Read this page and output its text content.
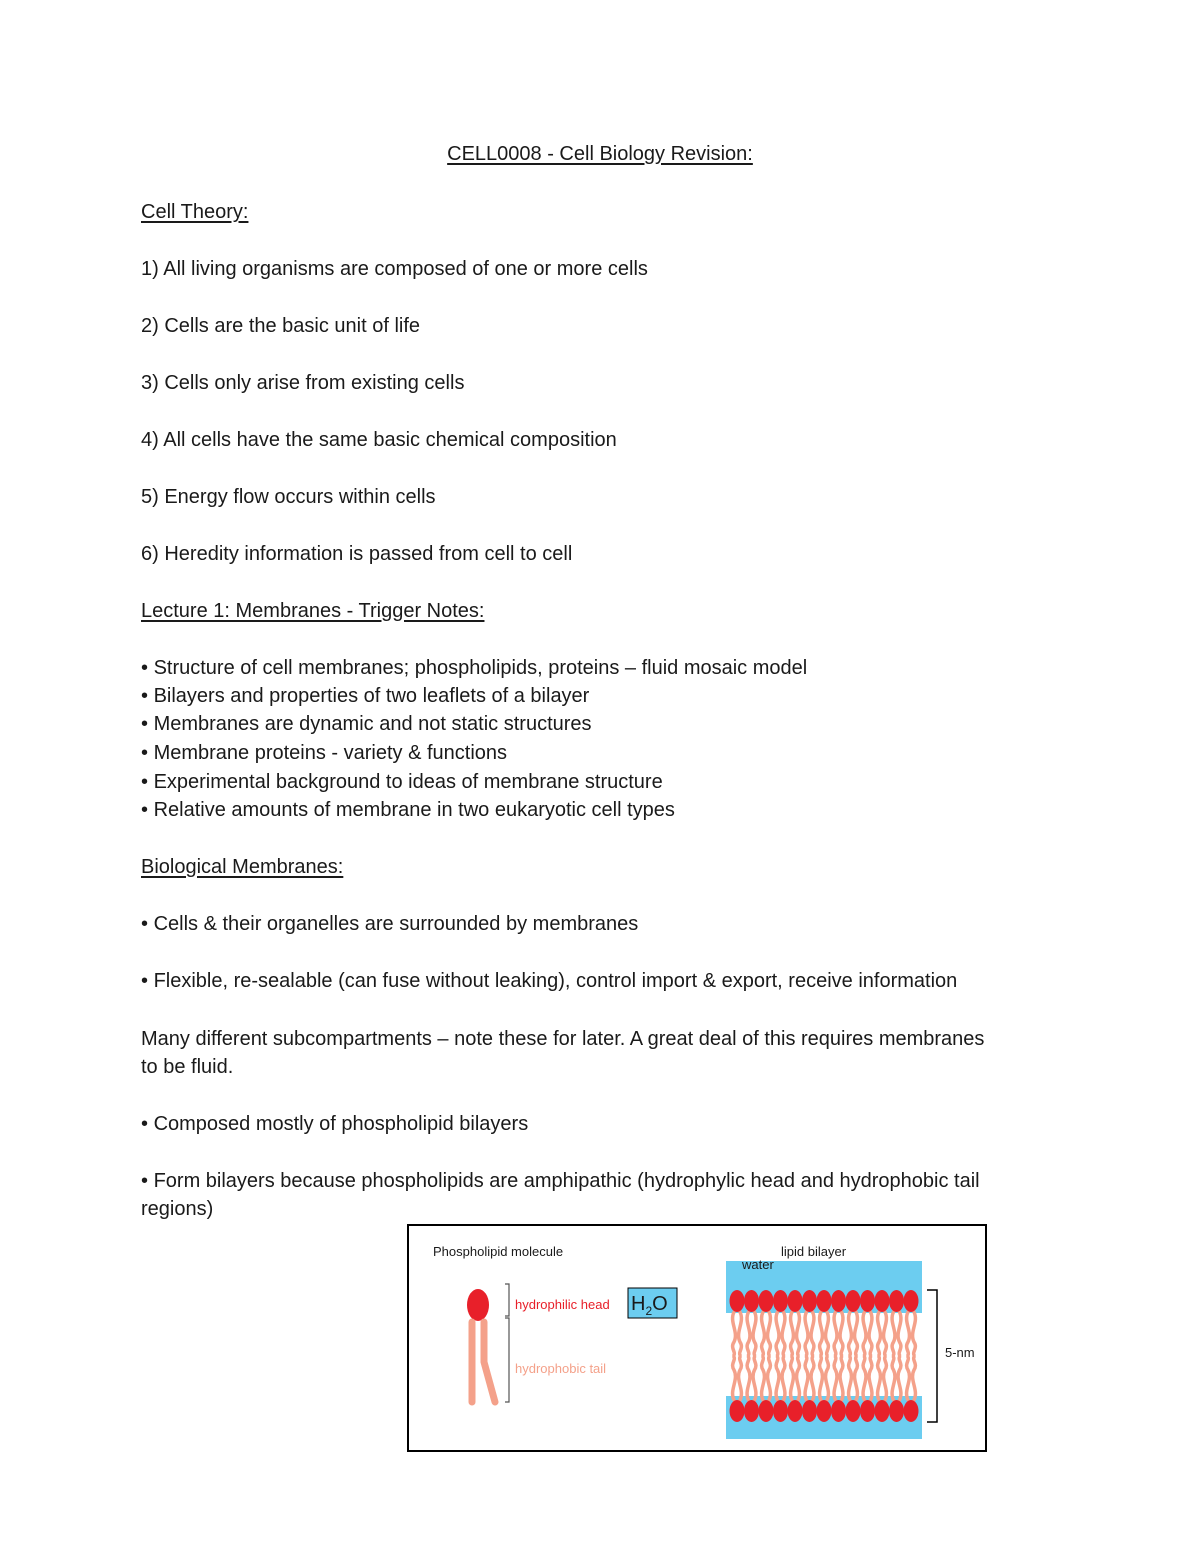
CELL0008 - Cell Biology Revision:
Cell Theory:
1) All living organisms are composed of one or more cells
2) Cells are the basic unit of life
3) Cells only arise from existing cells
4) All cells have the same basic chemical composition
5) Energy flow occurs within cells
6) Heredity information is passed from cell to cell
Lecture 1: Membranes - Trigger Notes:
• Structure of cell membranes; phospholipids, proteins – fluid mosaic model
• Bilayers and properties of two leaflets of a bilayer
• Membranes are dynamic and not static structures
• Membrane proteins - variety & functions
• Experimental background to ideas of membrane structure
• Relative amounts of membrane in two eukaryotic cell types
Biological Membranes:
• Cells & their organelles are surrounded by membranes
• Flexible, re-sealable (can fuse without leaking), control import & export, receive information
Many different subcompartments – note these for later. A great deal of this requires membranes
to be fluid.
• Composed mostly of phospholipid bilayers
• Form bilayers because phospholipids are amphipathic (hydrophylic head and hydrophobic tail
regions)
Phospholipid molecule
hydrophilic head
hydrophobic tail
$H_2O$
lipid bilayer
water
5-nm
